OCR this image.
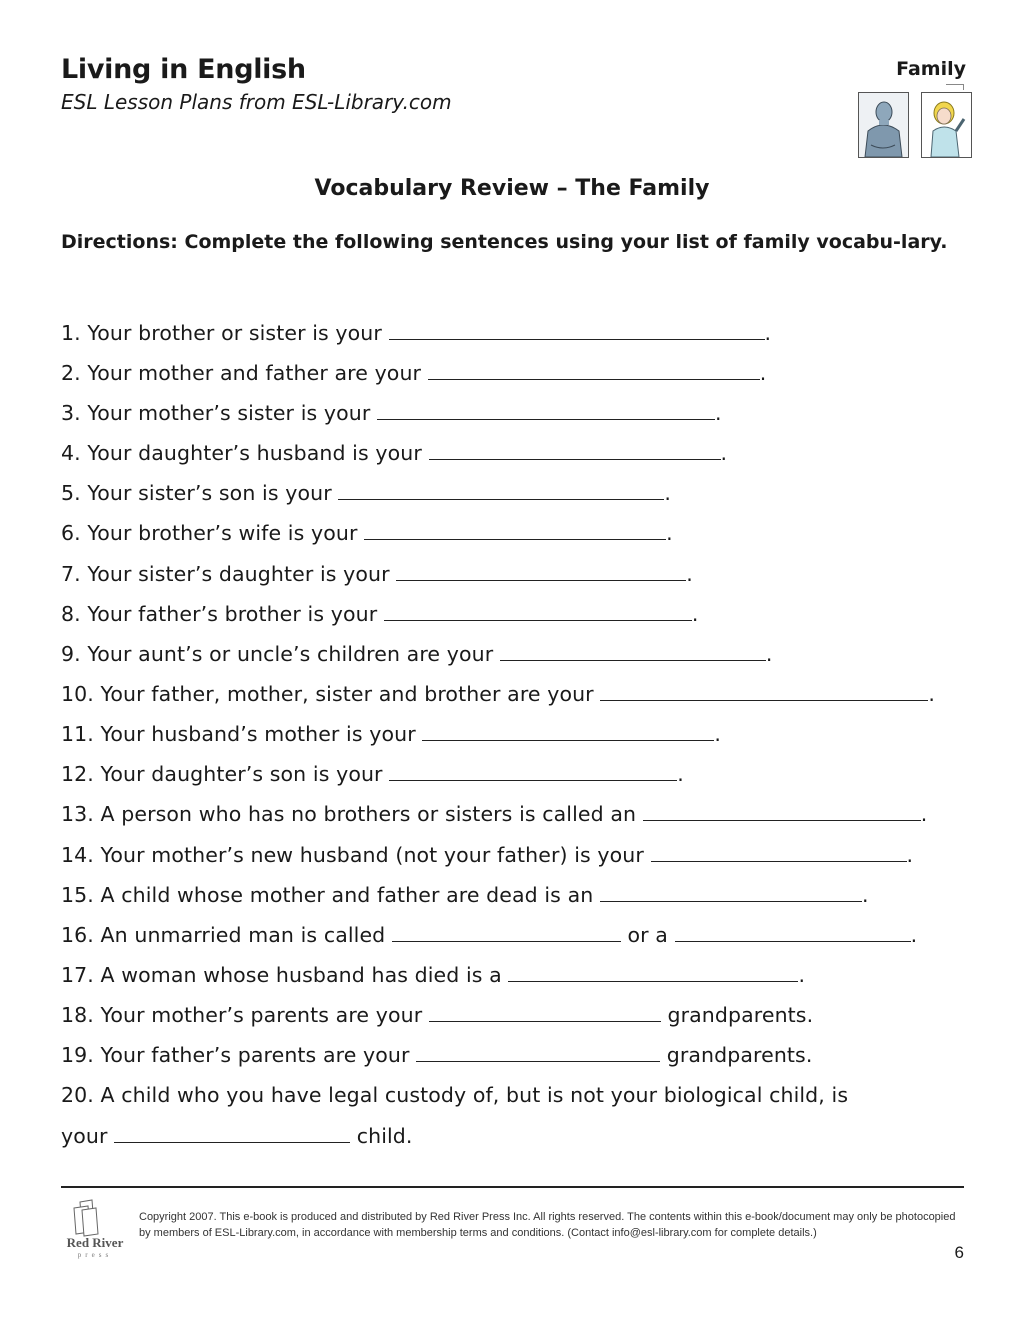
Living in English
ESL Lesson Plans from ESL-Library.com
Family
Vocabulary Review – The Family
Directions: Complete the following sentences using your list of family vocabu-lary.
1. Your brother or sister is your	.
2. Your mother and father are your	.
3. Your mother’s sister is your	.
4. Your daughter’s husband is your	.
5. Your sister’s son is your	.
6. Your brother’s wife is your	.
7. Your sister’s daughter is your	.
8. Your father’s brother is your	.
9. Your aunt’s or uncle’s children are your	.
10. Your father, mother, sister and brother are your	.
11. Your husband’s mother is your	.
12. Your daughter’s son is your	.
13. A person who has no brothers or sisters is called an	.
14. Your mother’s new husband (not your father) is your	.
15. A child whose mother and father are dead is an	.
16. An unmarried man is called	or a	.
17. A woman whose husband has died is a	.
18. Your mother’s parents are your	grandparents.
19. Your father’s parents are your	grandparents.
20. A child who you have legal custody of, but is not your biological child, is
your	child.
Red River
press
Copyright 2007. This e-book is produced and distributed by Red River Press Inc. All rights reserved. The contents within this e-book/document may only be photocopied by members of ESL-Library.com, in accordance with membership terms and conditions. (Contact info@esl-library.com for complete details.)
6
